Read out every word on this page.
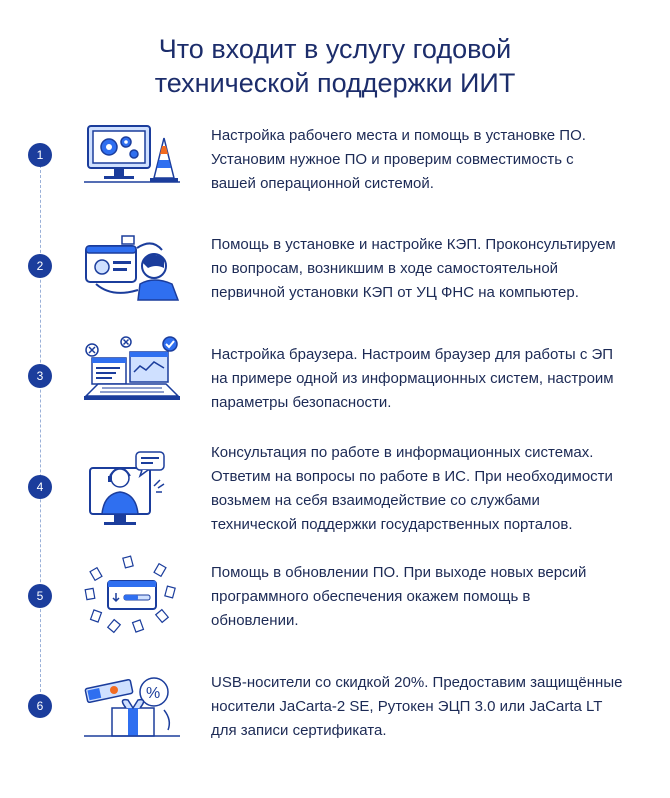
Что входит в услугу годовой
технической поддержки ИИТ
1
Настройка рабочего места и помощь в установке ПО.
Установим нужное ПО и проверим совместимость с
вашей операционной системой.
2
Помощь в установке и настройке КЭП. Проконсультируем
по вопросам, возникшим в ходе самостоятельной
первичной установки КЭП от УЦ ФНС на компьютер.
3
Настройка браузера. Настроим браузер для работы с ЭП
на примере одной из информационных систем, настроим
параметры безопасности.
4
Консультация по работе в информационных системах.
Ответим на вопросы по работе в ИС. При необходимости
возьмем на себя взаимодействие со службами
технической поддержки государственных порталов.
5
Помощь в обновлении ПО. При выходе новых версий
программного обеспечения окажем помощь в
обновлении.
6
%
USB-носители со скидкой 20%. Предоставим защищённые
носители JaCarta-2 SE, Рутокен ЭЦП 3.0 или JaCarta LT
для записи сертификата.
